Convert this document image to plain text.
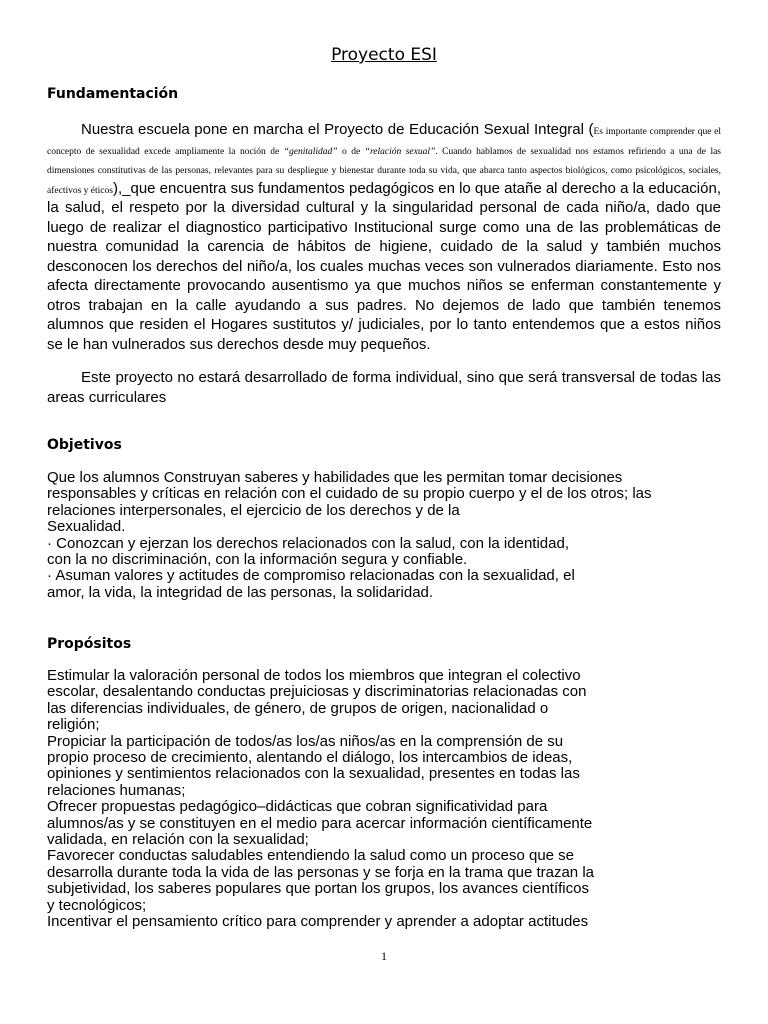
Proyecto ESI
Fundamentación

Nuestra escuela pone en marcha el Proyecto de Educación Sexual Integral (Es importante comprender que el concepto de sexualidad excede ampliamente la noción de “genitalidad” o de “relación sexual”. Cuando hablamos de sexualidad nos estamos refiriendo a una de las dimensiones constitutivas de las personas, relevantes para su despliegue y bienestar durante toda su vida, que abarca tanto aspectos biológicos, como psicológicos, sociales, afectivos y éticos),_que encuentra sus fundamentos pedagógicos en lo que atañe al derecho a la educación, la salud, el respeto por la diversidad cultural y la singularidad personal de cada niño/a, dado que luego de realizar el diagnostico participativo Institucional surge como una de las problemáticas de nuestra comunidad la carencia de hábitos de higiene, cuidado de la salud y también muchos desconocen los derechos del niño/a, los cuales muchas veces son vulnerados diariamente. Esto nos afecta directamente provocando ausentismo ya que muchos niños se enferman constantemente y otros trabajan en la calle ayudando a sus padres. No dejemos de lado que también tenemos alumnos que residen el Hogares sustitutos y/ judiciales, por lo tanto entendemos que a estos niños se le han vulnerados sus derechos desde muy pequeños.

Este proyecto no estará desarrollado de forma individual, sino que será transversal de todas las areas curriculares

Objetivos
Que los alumnos Construyan saberes y habilidades que les permitan tomar decisiones
responsables y críticas en relación con el cuidado de su propio cuerpo y el de los otros; las
relaciones interpersonales, el ejercicio de los derechos y de la
Sexualidad.
· Conozcan y ejerzan los derechos relacionados con la salud, con la identidad,
con la no discriminación, con la información segura y confiable.
· Asuman valores y actitudes de compromiso relacionadas con la sexualidad, el
amor, la vida, la integridad de las personas, la solidaridad.
Propósitos
Estimular la valoración personal de todos los miembros que integran el colectivo
escolar, desalentando conductas prejuiciosas y discriminatorias relacionadas con
las diferencias individuales, de género, de grupos de origen, nacionalidad o
religión;
Propiciar la participación de todos/as los/as niños/as en la comprensión de su
propio proceso de crecimiento, alentando el diálogo, los intercambios de ideas,
opiniones y sentimientos relacionados con la sexualidad, presentes en todas las
relaciones humanas;
Ofrecer propuestas pedagógico–didácticas que cobran significatividad para
alumnos/as y se constituyen en el medio para acercar información científicamente
validada, en relación con la sexualidad;
Favorecer conductas saludables entendiendo la salud como un proceso que se
desarrolla durante toda la vida de las personas y se forja en la trama que trazan la
subjetividad, los saberes populares que portan los grupos, los avances científicos
y tecnológicos;
Incentivar el pensamiento crítico para comprender y aprender a adoptar actitudes
1
